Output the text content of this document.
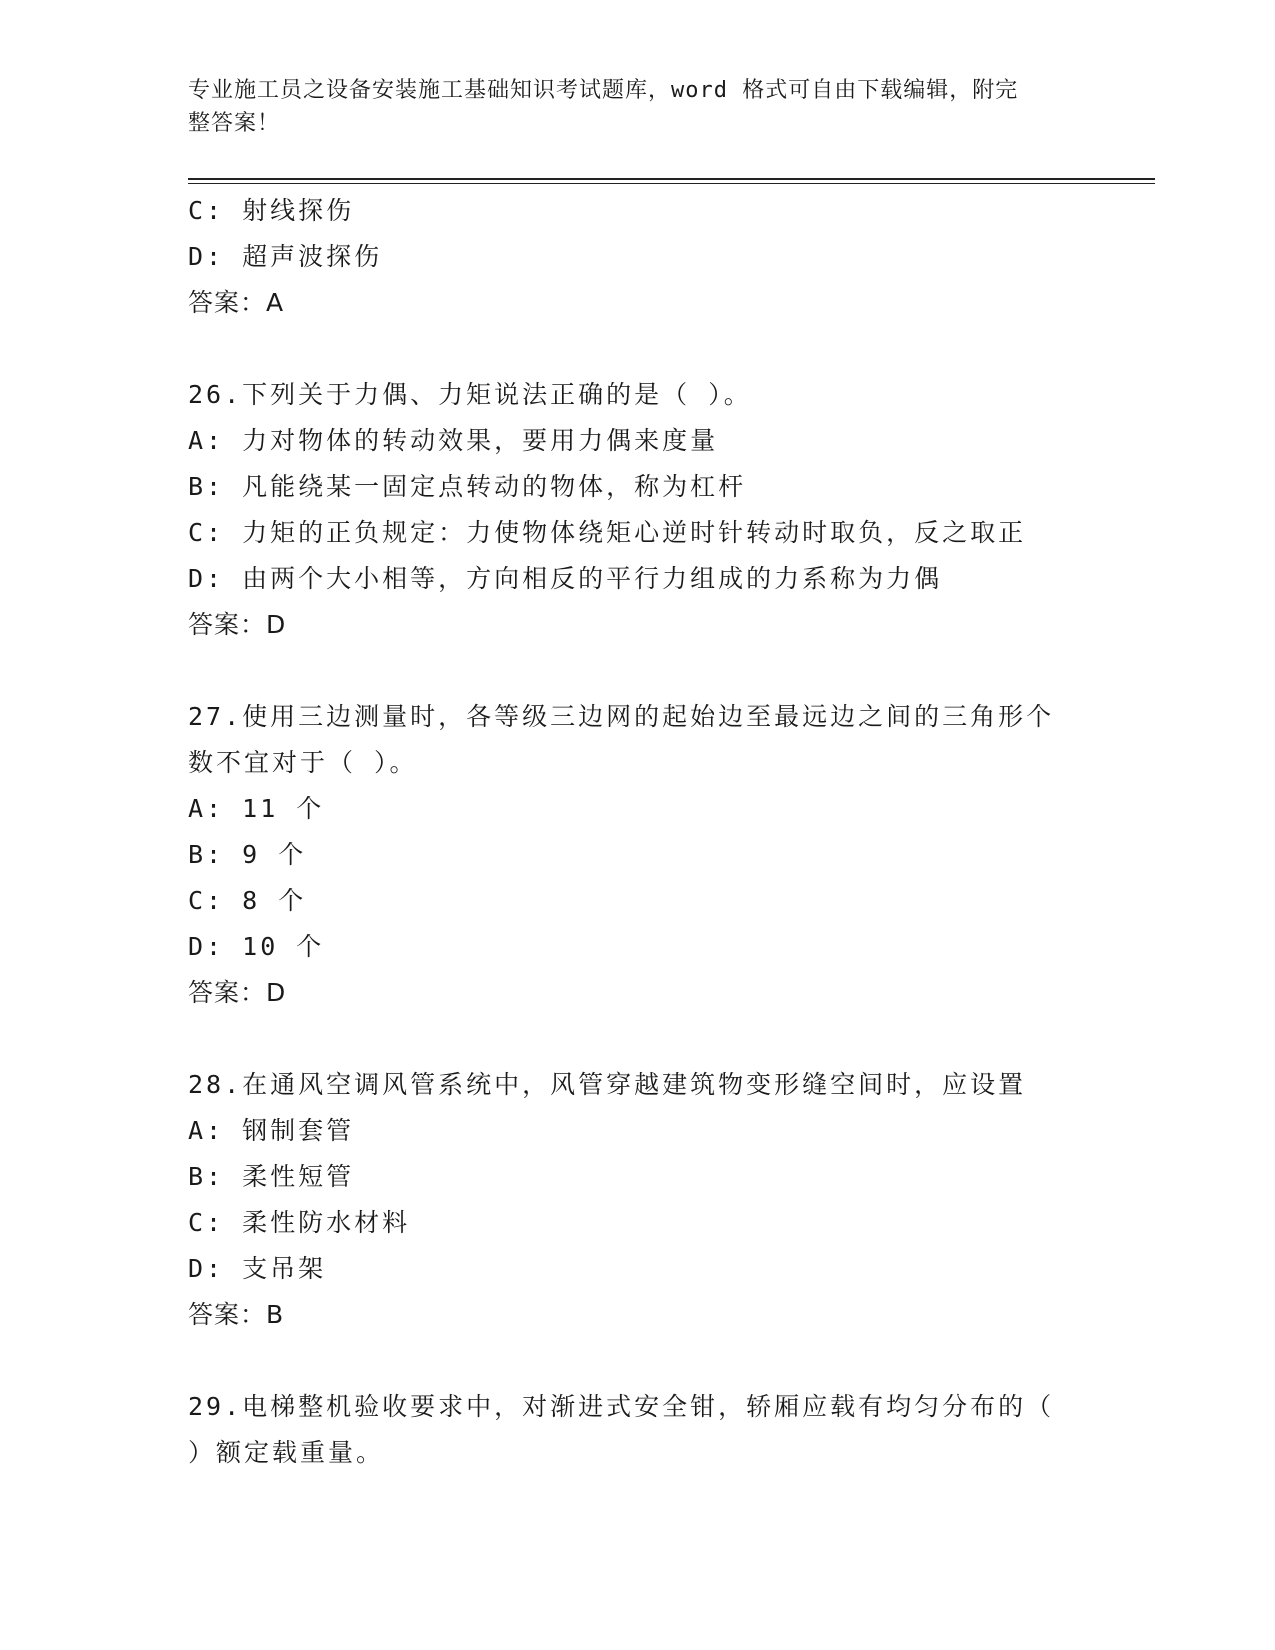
专业施工员之设备安装施工基础知识考试题库，word 格式可自由下载编辑，附完
整答案！
C: 射线探伤
D: 超声波探伤
答案：A
26.下列关于力偶、力矩说法正确的是（ ）。
A: 力对物体的转动效果，要用力偶来度量
B: 凡能绕某一固定点转动的物体，称为杠杆
C: 力矩的正负规定：力使物体绕矩心逆时针转动时取负，反之取正
D: 由两个大小相等，方向相反的平行力组成的力系称为力偶
答案：D
27.使用三边测量时，各等级三边网的起始边至最远边之间的三角形个
数不宜对于（ ）。
A: 11 个
B: 9 个
C: 8 个
D: 10 个
答案：D
28.在通风空调风管系统中，风管穿越建筑物变形缝空间时，应设置
A: 钢制套管
B: 柔性短管
C: 柔性防水材料
D: 支吊架
答案：B
29.电梯整机验收要求中，对渐进式安全钳，轿厢应载有均匀分布的（
）额定载重量。
